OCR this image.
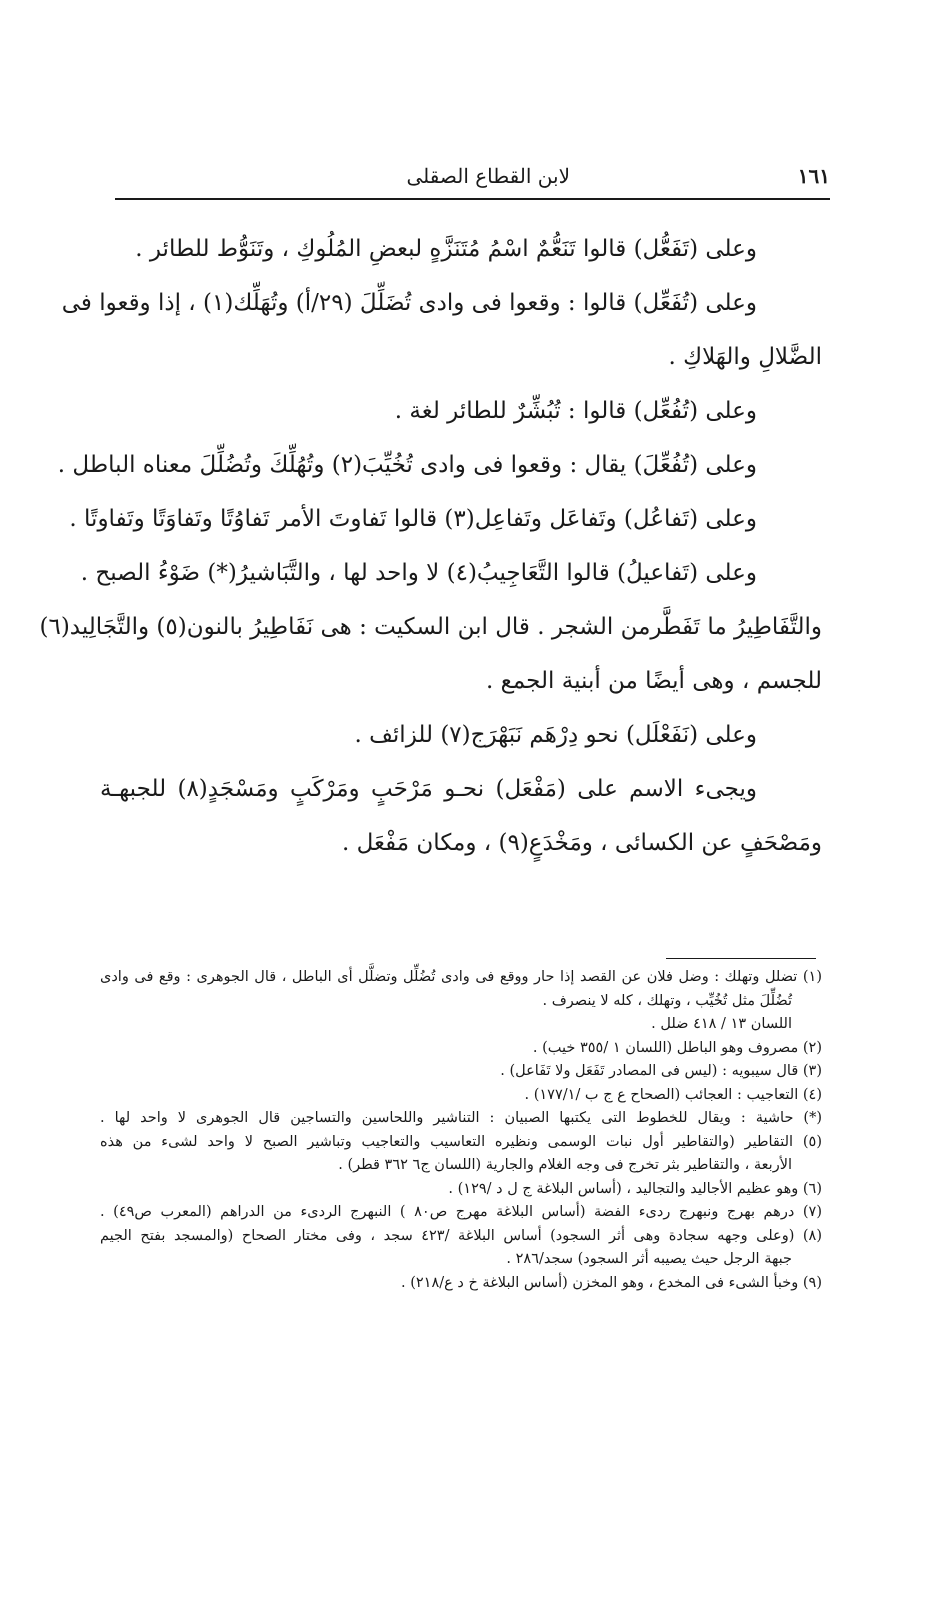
لابن القطاع الصقلى	١٦١
وعلى (تَفَعُّل) قالوا تَنَعُّمٌ اسْمُ مُتَنَزَّهٍ لبعضِ المُلُوكِ ، وتَنَوُّط للطائر .
وعلى (تُفَعِّل) قالوا : وقعوا فى وادى تُضَلِّلَ (٢٩/أ) وتُهَلِّك(١) ، إذا وقعوا فى
الضَّلالِ والهَلاكِ .
وعلى (تُفُعِّل) قالوا : تُبُشِّرٌ للطائر لغة .
وعلى (تُفُعِّلَ) يقال : وقعوا فى وادى تُخُيِّبَ(٢) وتُهُلِّكَ وتُضُلِّلَ معناه الباطل .
وعلى (تَفاعُل) وتَفاعَل وتَفاعِل(٣) قالوا تَفاوتَ الأمر تَفاوُتًا وتَفاوَتًا وتَفاوتًا .
وعلى (تَفاعيلُ) قالوا التَّعَاجِيبُ(٤) لا واحد لها ، والتَّبَاشيرُ(*) ضَوْءُ الصبح .
والتَّفَاطِيرُ ما تَفَطَّرمن الشجر . قال ابن السكيت : هى نَفَاطِيرُ بالنون(٥) والتَّجَالِيد(٦)
للجسم ، وهى أيضًا من أبنية الجمع .
وعلى (نَفَعْلَل) نحو دِرْهَم نَبَهْرَج(٧) للزائف .
ويجىء الاسم على (مَفْعَل) نحـو مَرْحَبٍ ومَرْكَبٍ ومَسْجَدٍ(٨) للجبهـة
ومَصْحَفٍ عن الكسائى ، ومَخْدَعٍ(٩) ، ومكان مَفْعَل .
(١) تضلل وتهلك : وضل فلان عن القصد إذا حار ووقع فى وادى تُضُلِّل وتضلَّل أى الباطل ، قال الجوهرى : وقع فى وادى
تُضُلِّلَ مثل تُخُيِّب ، وتهلك ، كله لا ينصرف .
اللسان ١٣ / ٤١٨ ضلل .
(٢) مصروف وهو الباطل (اللسان ١ /٣٥٥ خيب) .
(٣) قال سيبويه : (ليس فى المصادر تَفَعَل ولا تَفَاعل) .
(٤) التعاجيب : العجائب (الصحاح ع ج ب /١٧٧/١) .
(*) حاشية : ويقال للخطوط التى يكتبها الصبيان : التناشير واللحاسين والتساجين قال الجوهرى لا واحد لها .
(٥) التقاطير (والتقاطير أول نبات الوسمى ونظيره التعاسيب والتعاجيب وتباشير الصبح لا واحد لشىء من هذه
الأربعة ، والتقاطير بثر تخرج فى وجه الغلام والجارية (اللسان ج٦ ٣٦٢ قطر) .
(٦) وهو عظيم الأجاليد والتجاليد ، (أساس البلاغة ج ل د /١٢٩) .
(٧) درهم بهرج ونبهرج ردىء الفضة (أساس البلاغة مهرج ص٨٠ ) النبهرج الردىء من الدراهم (المعرب ص٤٩) .
(٨) (وعلى وجهه سجادة وهى أثر السجود) أساس البلاغة /٤٢٣ سجد ، وفى مختار الصحاح (والمسجد بفتح الجيم
جبهة الرجل حيث يصيبه أثر السجود) سجد/٢٨٦ .
(٩) وخبأ الشىء فى المخدع ، وهو المخزن (أساس البلاغة خ د ع/٢١٨) .
